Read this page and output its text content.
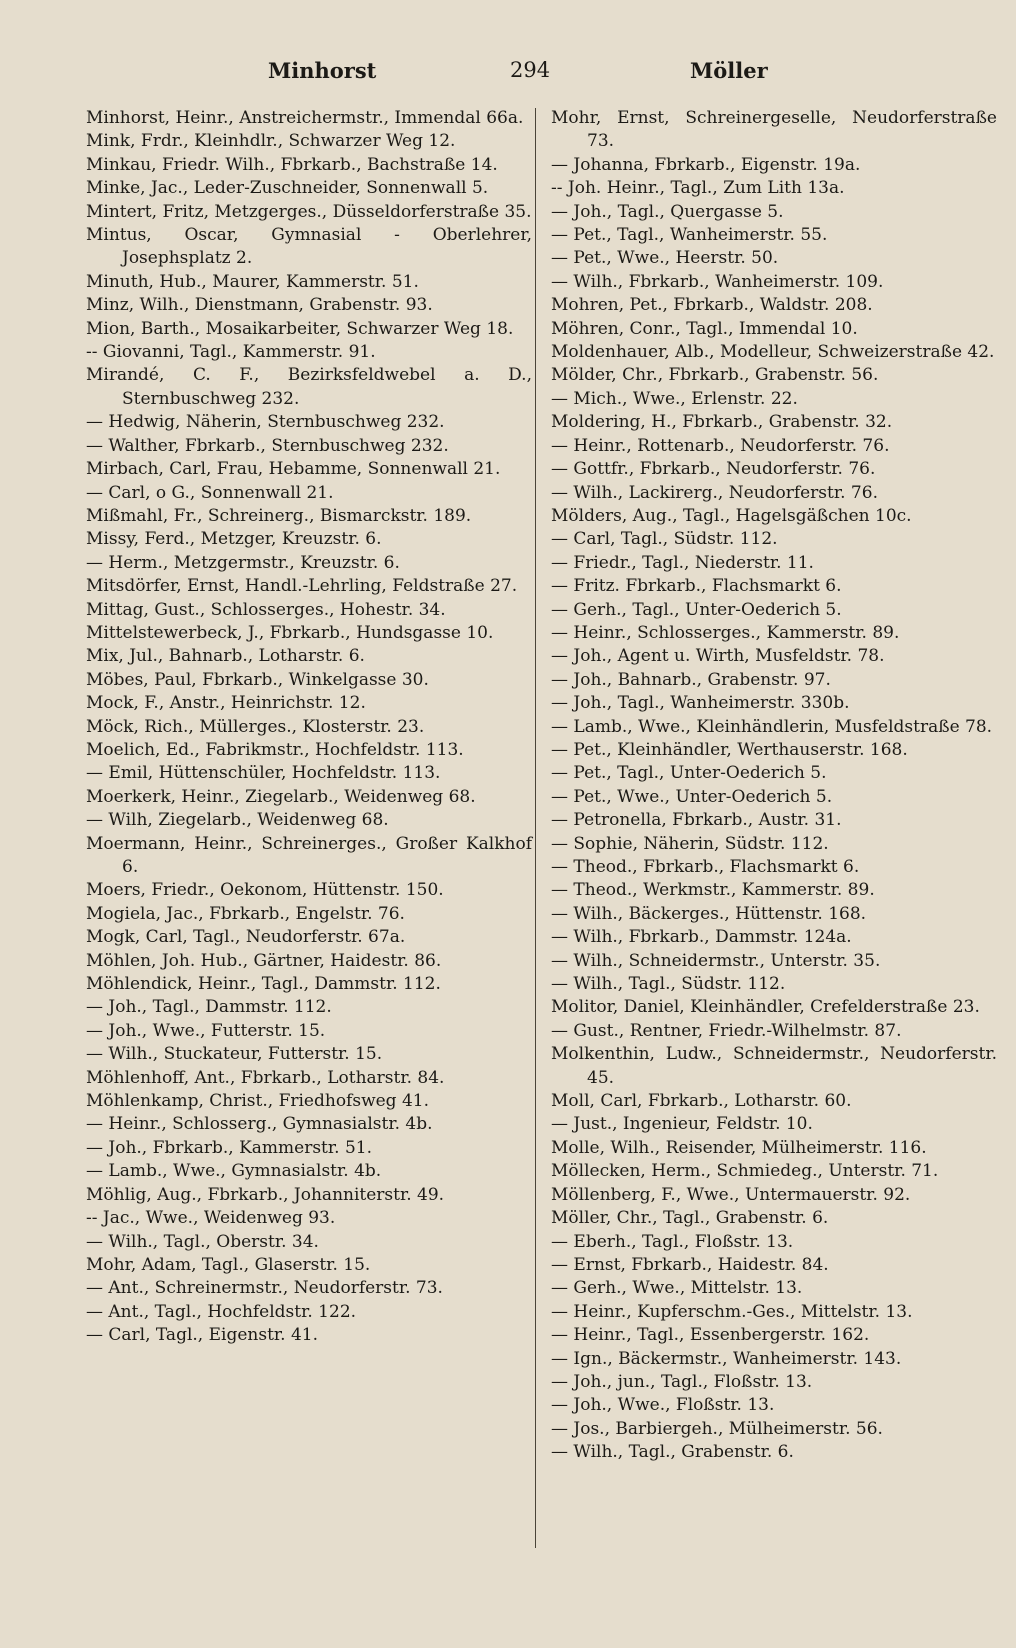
Minhorst	294	Möller
Minhorst, Heinr., Anstreichermstr., Immendal 66a.
Mink, Frdr., Kleinhdlr., Schwarzer Weg 12.
Minkau, Friedr. Wilh., Fbrkarb., Bachstraße 14.
Minke, Jac., Leder-Zuschneider, Sonnenwall 5.
Mintert, Fritz, Metzgerges., Düsseldorferstraße 35.
Mintus, Oscar, Gymnasial - Oberlehrer, Josephsplatz 2.
Minuth, Hub., Maurer, Kammerstr. 51.
Minz, Wilh., Dienstmann, Grabenstr. 93.
Mion, Barth., Mosaikarbeiter, Schwarzer Weg 18.
-- Giovanni, Tagl., Kammerstr. 91.
Mirandé, C. F., Bezirksfeldwebel a. D., Sternbuschweg 232.
— Hedwig, Näherin, Sternbuschweg 232.
— Walther, Fbrkarb., Sternbuschweg 232.
Mirbach, Carl, Frau, Hebamme, Sonnenwall 21.
— Carl, o G., Sonnenwall 21.
Mißmahl, Fr., Schreinerg., Bismarckstr. 189.
Missy, Ferd., Metzger, Kreuzstr. 6.
— Herm., Metzgermstr., Kreuzstr. 6.
Mitsdörfer, Ernst, Handl.-Lehrling, Feldstraße 27.
Mittag, Gust., Schlosserges., Hohestr. 34.
Mittelstewerbeck, J., Fbrkarb., Hundsgasse 10.
Mix, Jul., Bahnarb., Lotharstr. 6.
Möbes, Paul, Fbrkarb., Winkelgasse 30.
Mock, F., Anstr., Heinrichstr. 12.
Möck, Rich., Müllerges., Klosterstr. 23.
Moelich, Ed., Fabrikmstr., Hochfeldstr. 113.
— Emil, Hüttenschüler, Hochfeldstr. 113.
Moerkerk, Heinr., Ziegelarb., Weidenweg 68.
— Wilh, Ziegelarb., Weidenweg 68.
Moermann, Heinr., Schreinerges., Großer Kalkhof 6.
Moers, Friedr., Oekonom, Hüttenstr. 150.
Mogiela, Jac., Fbrkarb., Engelstr. 76.
Mogk, Carl, Tagl., Neudorferstr. 67a.
Möhlen, Joh. Hub., Gärtner, Haidestr. 86.
Möhlendick, Heinr., Tagl., Dammstr. 112.
— Joh., Tagl., Dammstr. 112.
— Joh., Wwe., Futterstr. 15.
— Wilh., Stuckateur, Futterstr. 15.
Möhlenhoff, Ant., Fbrkarb., Lotharstr. 84.
Möhlenkamp, Christ., Friedhofsweg 41.
— Heinr., Schlosserg., Gymnasialstr. 4b.
— Joh., Fbrkarb., Kammerstr. 51.
— Lamb., Wwe., Gymnasialstr. 4b.
Möhlig, Aug., Fbrkarb., Johanniterstr. 49.
-- Jac., Wwe., Weidenweg 93.
— Wilh., Tagl., Oberstr. 34.
Mohr, Adam, Tagl., Glaserstr. 15.
— Ant., Schreinermstr., Neudorferstr. 73.
— Ant., Tagl., Hochfeldstr. 122.
— Carl, Tagl., Eigenstr. 41.
Mohr, Ernst, Schreinergeselle, Neudorferstraße 73.
— Johanna, Fbrkarb., Eigenstr. 19a.
-- Joh. Heinr., Tagl., Zum Lith 13a.
— Joh., Tagl., Quergasse 5.
— Pet., Tagl., Wanheimerstr. 55.
— Pet., Wwe., Heerstr. 50.
— Wilh., Fbrkarb., Wanheimerstr. 109.
Mohren, Pet., Fbrkarb., Waldstr. 208.
Möhren, Conr., Tagl., Immendal 10.
Moldenhauer, Alb., Modelleur, Schweizerstraße 42.
Mölder, Chr., Fbrkarb., Grabenstr. 56.
— Mich., Wwe., Erlenstr. 22.
Moldering, H., Fbrkarb., Grabenstr. 32.
— Heinr., Rottenarb., Neudorferstr. 76.
— Gottfr., Fbrkarb., Neudorferstr. 76.
— Wilh., Lackirerg., Neudorferstr. 76.
Mölders, Aug., Tagl., Hagelsgäßchen 10c.
— Carl, Tagl., Südstr. 112.
— Friedr., Tagl., Niederstr. 11.
— Fritz. Fbrkarb., Flachsmarkt 6.
— Gerh., Tagl., Unter-Oederich 5.
— Heinr., Schlosserges., Kammerstr. 89.
— Joh., Agent u. Wirth, Musfeldstr. 78.
— Joh., Bahnarb., Grabenstr. 97.
— Joh., Tagl., Wanheimerstr. 330b.
— Lamb., Wwe., Kleinhändlerin, Musfeldstraße 78.
— Pet., Kleinhändler, Werthauserstr. 168.
— Pet., Tagl., Unter-Oederich 5.
— Pet., Wwe., Unter-Oederich 5.
— Petronella, Fbrkarb., Austr. 31.
— Sophie, Näherin, Südstr. 112.
— Theod., Fbrkarb., Flachsmarkt 6.
— Theod., Werkmstr., Kammerstr. 89.
— Wilh., Bäckerges., Hüttenstr. 168.
— Wilh., Fbrkarb., Dammstr. 124a.
— Wilh., Schneidermstr., Unterstr. 35.
— Wilh., Tagl., Südstr. 112.
Molitor, Daniel, Kleinhändler, Crefelderstraße 23.
— Gust., Rentner, Friedr.-Wilhelmstr. 87.
Molkenthin, Ludw., Schneidermstr., Neudorferstr. 45.
Moll, Carl, Fbrkarb., Lotharstr. 60.
— Just., Ingenieur, Feldstr. 10.
Molle, Wilh., Reisender, Mülheimerstr. 116.
Möllecken, Herm., Schmiedeg., Unterstr. 71.
Möllenberg, F., Wwe., Untermauerstr. 92.
Möller, Chr., Tagl., Grabenstr. 6.
— Eberh., Tagl., Floßstr. 13.
— Ernst, Fbrkarb., Haidestr. 84.
— Gerh., Wwe., Mittelstr. 13.
— Heinr., Kupferschm.-Ges., Mittelstr. 13.
— Heinr., Tagl., Essenbergerstr. 162.
— Ign., Bäckermstr., Wanheimerstr. 143.
— Joh., jun., Tagl., Floßstr. 13.
— Joh., Wwe., Floßstr. 13.
— Jos., Barbiergeh., Mülheimerstr. 56.
— Wilh., Tagl., Grabenstr. 6.
